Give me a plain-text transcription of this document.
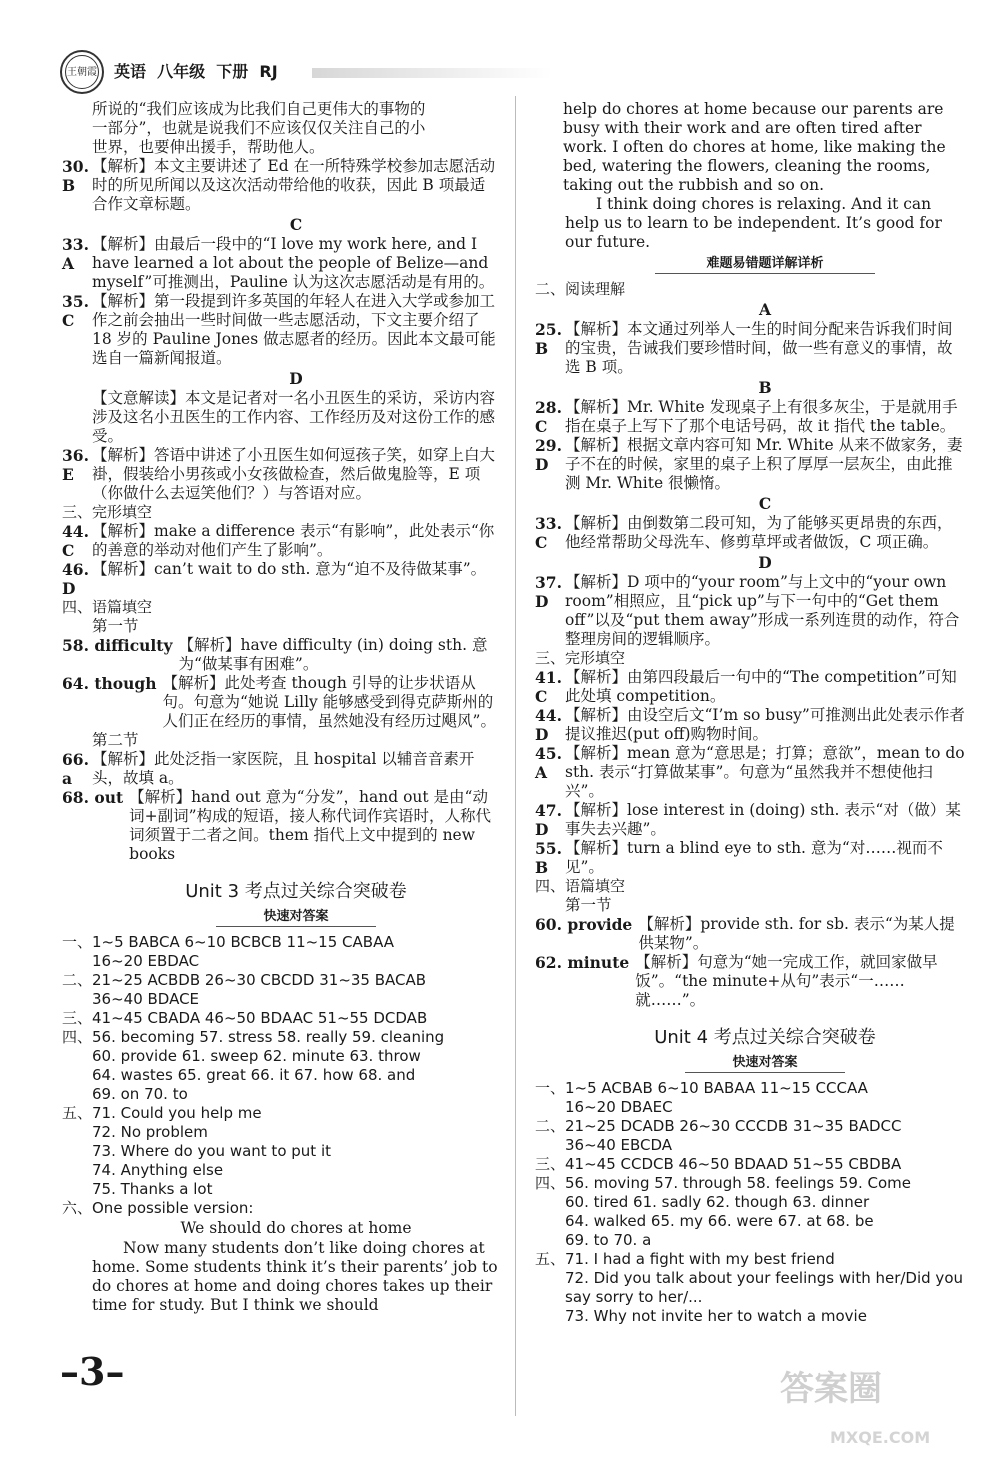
王朝霞 英语  八年级  下册  RJ

所说的“我们应该成为比我们自己更伟大的事物的

一部分”，也就是说我们不应该仅仅关注自己的小

世界，也要伸出援手，帮助他人。

30. B
【解析】本文主要讲述了 Ed 在一所特殊学校参加志愿活动时的所见所闻以及这次活动带给他的收获，因此 B 项最适合作文章标题。
C
33. A
【解析】由最后一段中的“I love my work here, and I have learned a lot about the people of Belize—and myself”可推测出，Pauline 认为这次志愿活动是有用的。
35. C
【解析】第一段提到许多英国的年轻人在进入大学或参加工作之前会抽出一些时间做一些志愿活动，下文主要介绍了 18 岁的 Pauline Jones 做志愿者的经历。因此本文最可能选自一篇新闻报道。
D

【文意解读】本文是记者对一名小丑医生的采访，采访内容涉及这名小丑医生的工作内容、工作经历及对这份工作的感受。

36. E
【解析】答语中讲述了小丑医生如何逗孩子笑，如穿上白大褂，假装给小男孩或小女孩做检查，然后做鬼脸等，E 项（你做什么去逗笑他们？）与答语对应。

三、完形填空

44. C
【解析】make a difference 表示“有影响”，此处表示“你的善意的举动对他们产生了影响”。
46. D
【解析】can’t wait to do sth. 意为“迫不及待做某事”。

四、语篇填空

第一节

58. difficulty 【解析】have difficulty (in) doing sth. 意为“做某事有困难”。
64. though 【解析】此处考查 though 引导的让步状语从句。句意为“她说 Lilly 能够感受到得克萨斯州的人们正在经历的事情，虽然她没有经历过飓风”。

第二节

66. a
【解析】此处泛指一家医院，且 hospital 以辅音音素开头，故填 a。
68. out 【解析】hand out 意为“分发”，hand out 是由“动词+副词”构成的短语，接人称代词作宾语时，人称代词须置于二者之间。them 指代上文中提到的 new books
Unit 3 考点过关综合突破卷
快速对答案

一、1~5 BABCA 6~10 BCBCB 11~15 CABAA

16~20 EBDAC

二、21~25 ACBDB 26~30 CBCDD 31~35 BACAB

36~40 BDACE

三、41~45 CBADA 46~50 BDAAC 51~55 DCDAB

四、56. becoming 57. stress 58. really 59. cleaning

60. provide 61. sweep 62. minute 63. throw

64. wastes 65. great 66. it 67. how 68. and

69. on 70. to

五、71. Could you help me

72. No problem

73. Where do you want to put it

74. Anything else

75. Thanks a lot

六、One possible version:

We should do chores at home

Now many students don’t like doing chores at home. Some students think it’s their parents’ job to do chores at home and doing chores takes up their time for study. But I think we should

help do chores at home because our parents are busy with their work and are often tired after work. I often do chores at home, like making the bed, watering the flowers, cleaning the rooms, taking out the rubbish and so on.

I think doing chores is relaxing. And it can help us to learn to be independent. It’s good for our future.

难题易错题详解详析

二、阅读理解

A
25. B
【解析】本文通过列举人一生的时间分配来告诉我们时间的宝贵，告诫我们要珍惜时间，做一些有意义的事情，故选 B 项。
B
28. C
【解析】Mr. White 发现桌子上有很多灰尘，于是就用手指在桌子上写下了那个电话号码，故 it 指代 the table。
29. D
【解析】根据文章内容可知 Mr. White 从来不做家务，妻子不在的时候，家里的桌子上积了厚厚一层灰尘，由此推测 Mr. White 很懒惰。
C
33. C
【解析】由倒数第二段可知，为了能够买更昂贵的东西，他经常帮助父母洗车、修剪草坪或者做饭，C 项正确。
D
37. D
【解析】D 项中的“your room”与上文中的“your own room”相照应，且“pick up”与下一句中的“Get them off”以及“put them away”形成一系列连贯的动作，符合整理房间的逻辑顺序。

三、完形填空

41. C
【解析】由第四段最后一句中的“The competition”可知此处填 competition。
44. D
【解析】由设空后文“I’m so busy”可推测出此处表示作者提议推迟(put off)购物时间。
45. A
【解析】mean 意为“意思是；打算；意欲”，mean to do sth. 表示“打算做某事”。句意为“虽然我并不想使他扫兴”。
47. D
【解析】lose interest in (doing) sth. 表示“对（做）某事失去兴趣”。
55. B
【解析】turn a blind eye to sth. 意为“对……视而不见”。

四、语篇填空

第一节

60. provide 【解析】provide sth. for sb. 表示“为某人提供某物”。
62. minute 【解析】句意为“她一完成工作，就回家做早饭”。“the minute+从句”表示“一……就……”。
Unit 4 考点过关综合突破卷
快速对答案

一、1~5 ACBAB 6~10 BABAA 11~15 CCCAA

16~20 DBAEC

二、21~25 DCADB 26~30 CCCDB 31~35 BADCC

36~40 EBCDA

三、41~45 CCDCB 46~50 BDAAD 51~55 CBDBA

四、56. moving 57. through 58. feelings 59. Come

60. tired 61. sadly 62. though 63. dinner

64. walked 65. my 66. were 67. at 68. be

69. to 70. a

五、71. I had a fight with my best friend

72. Did you talk about your feelings with her/Did you say sorry to her/...

73. Why not invite her to watch a movie

–3–	答案圈
MXQE.COM
